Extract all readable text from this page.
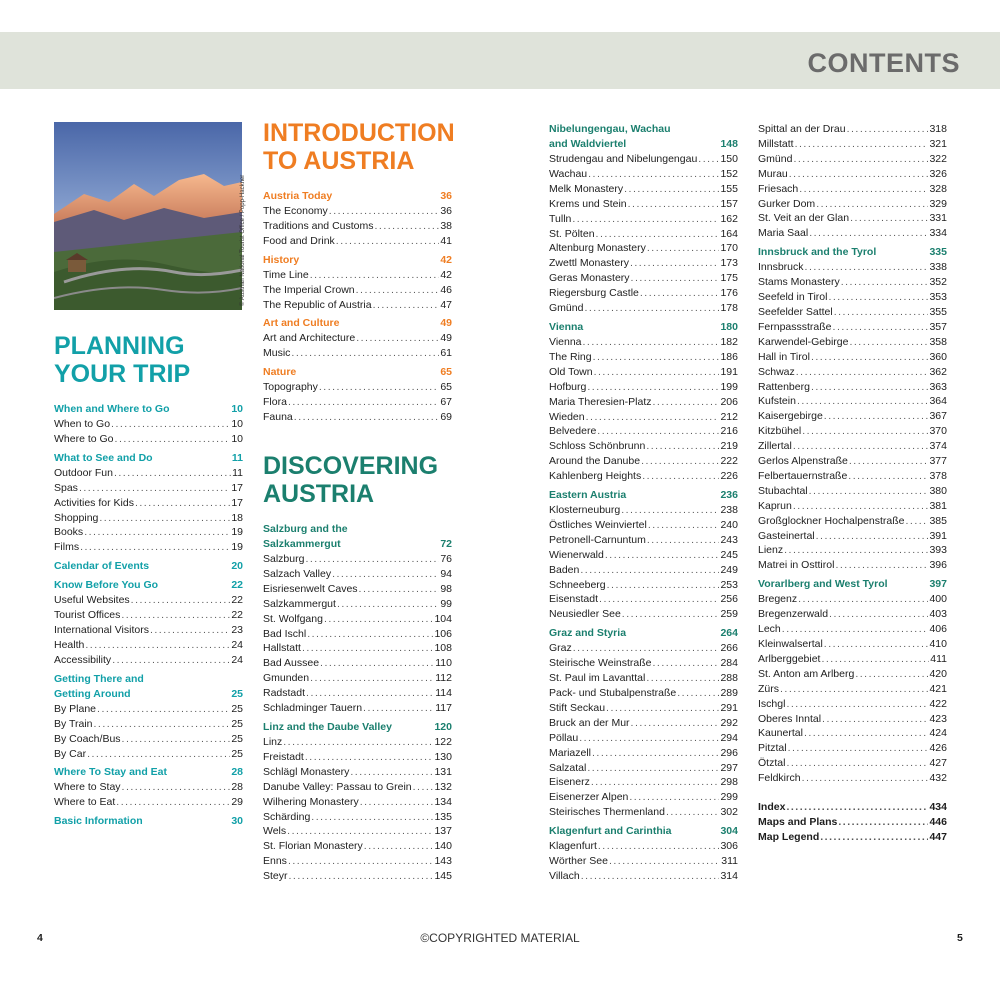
CONTENTS
© Austrian National Tourist Office / Popp-Hackner
PLANNING
YOUR TRIP
When and Where to Go	10
When to Go .....	10
Where to Go .....	10
What to See and Do	11
Outdoor Fun .....	11
Spas .....	17
Activities for Kids .....	17
Shopping .....	18
Books .....	19
Films .....	19
Calendar of Events	20
Know Before You Go	22
Useful Websites .....	22
Tourist Offices .....	22
International Visitors .....	23
Health .....	24
Accessibility .....	24
Getting There and
Getting Around	25
By Plane .....	25
By Train .....	25
By Coach/Bus .....	25
By Car .....	25
Where To Stay and Eat	28
Where to Stay .....	28
Where to Eat .....	29
Basic Information	30
INTRODUCTION
TO AUSTRIA
Austria Today	36
The Economy .....	36
Traditions and Customs .....	38
Food and Drink .....	41
History	42
Time Line .....	42
The Imperial Crown .....	46
The Republic of Austria .....	47
Art and Culture	49
Art and Architecture .....	49
Music .....	61
Nature	65
Topography .....	65
Flora .....	67
Fauna .....	69
DISCOVERING
AUSTRIA
Salzburg and the
Salzkammergut	72
Salzburg .....	76
Salzach Valley .....	94
Eisriesenwelt Caves .....	98
Salzkammergut .....	99
St. Wolfgang .....	104
Bad Ischl .....	106
Hallstatt .....	108
Bad Aussee .....	110
Gmunden .....	112
Radstadt .....	114
Schladminger Tauern .....	117
Linz and the Daube Valley	120
Linz .....	122
Freistadt .....	130
Schlägl Monastery .....	131
Danube Valley: Passau to Grein ..... 132
Wilhering Monastery .....	134
Schärding .....	135
Wels .....	137
St. Florian Monastery .....	140
Enns .....	143
Steyr .....	145
Nibelungengau, Wachau
and Waldviertel	148
Strudengau and Nibelungengau ..... 150
Wachau .....	152
Melk Monastery .....	155
Krems und Stein .....	157
Tulln .....	162
St. Pölten .....	164
Altenburg Monastery .....	170
Zwettl Monastery .....	173
Geras Monastery .....	175
Riegersburg Castle .....	176
Gmünd .....	178
Vienna	180
Vienna .....	182
The Ring .....	186
Old Town .....	191
Hofburg .....	199
Maria Theresien-Platz .....	206
Wieden .....	212
Belvedere .....	216
Schloss Schönbrunn .....	219
Around the Danube .....	222
Kahlenberg Heights .....	226
Eastern Austria	236
Klosterneuburg .....	238
Östliches Weinviertel .....	240
Petronell-Carnuntum .....	243
Wienerwald .....	245
Baden .....	249
Schneeberg .....	253
Eisenstadt .....	256
Neusiedler See .....	259
Graz and Styria	264
Graz .....	266
Steirische Weinstraße .....	284
St. Paul im Lavanttal .....	288
Pack- und Stubalpenstraße .....	289
Stift Seckau .....	291
Bruck an der Mur .....	292
Pöllau .....	294
Mariazell .....	296
Salzatal .....	297
Eisenerz .....	298
Eisenerzer Alpen .....	299
Steirisches Thermenland .....	302
Klagenfurt and Carinthia	304
Klagenfurt .....	306
Wörther See .....	311
Villach .....	314
Spittal an der Drau .....	318
Millstatt .....	321
Gmünd .....	322
Murau .....	326
Friesach .....	328
Gurker Dom .....	329
St. Veit an der Glan .....	331
Maria Saal .....	334
Innsbruck and the Tyrol	335
Innsbruck .....	338
Stams Monastery .....	352
Seefeld in Tirol .....	353
Seefelder Sattel .....	355
Fernpassstraße .....	357
Karwendel-Gebirge .....	358
Hall in Tirol .....	360
Schwaz .....	362
Rattenberg .....	363
Kufstein .....	364
Kaisergebirge .....	367
Kitzbühel .....	370
Zillertal .....	374
Gerlos Alpenstraße .....	377
Felbertauernstraße .....	378
Stubachtal .....	380
Kaprun .....	381
Großglockner Hochalpenstraße ..... 385
Gasteinertal .....	391
Lienz .....	393
Matrei in Osttirol .....	396
Vorarlberg and West Tyrol	397
Bregenz .....	400
Bregenzerwald .....	403
Lech .....	406
Kleinwalsertal .....	410
Arlberggebiet .....	411
St. Anton am Arlberg .....	420
Zürs .....	421
Ischgl .....	422
Oberes Inntal .....	423
Kaunertal .....	424
Pitztal .....	426
Ötztal .....	427
Feldkirch .....	432
Index .....	434
Maps and Plans .....	446
Map Legend .....	447
4	5
©COPYRIGHTED MATERIAL
